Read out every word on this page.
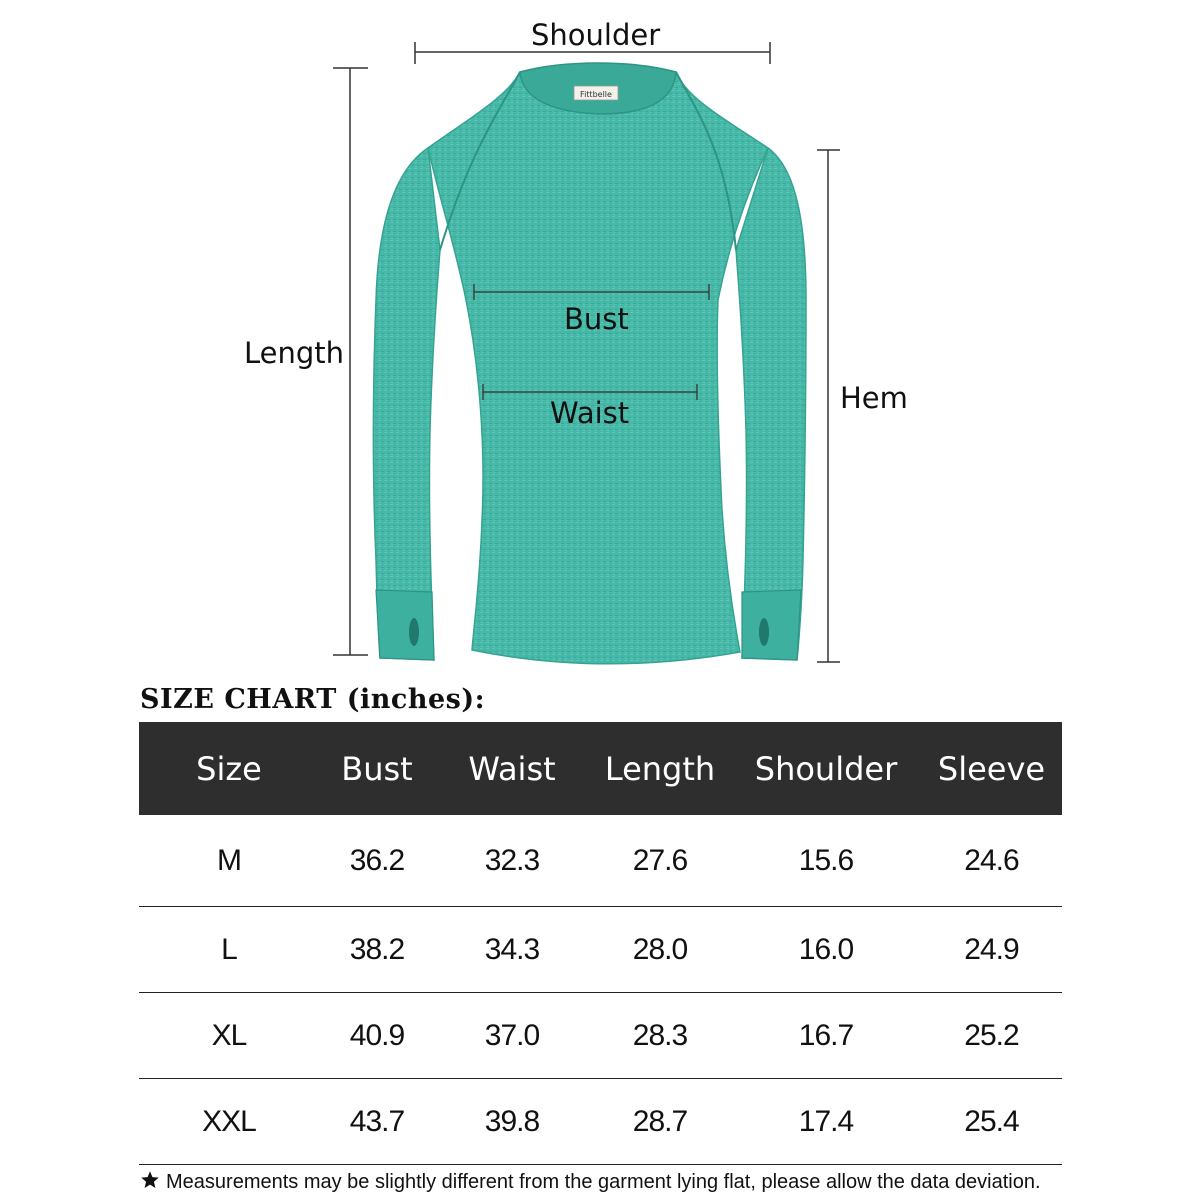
Fittbelle
Shoulder
Length
Bust
Waist	Hem
SIZE CHART (inches):
Size	Bust	Waist	Length	Shoulder	Sleeve
M	36.2	32.3	27.6	15.6	24.6
L	38.2	34.3	28.0	16.0	24.9
XL	40.9	37.0	28.3	16.7	25.2
XXL	43.7	39.8	28.7	17.4	25.4
Measurements may be slightly different from the garment lying flat, please allow the data deviation.
